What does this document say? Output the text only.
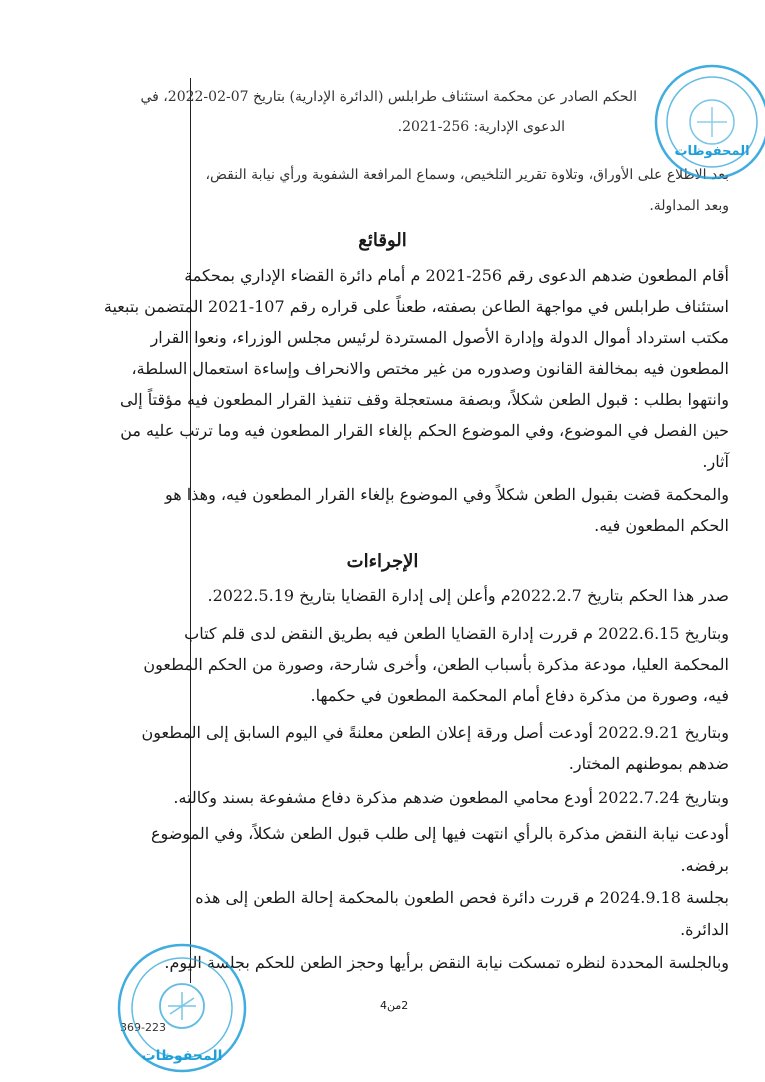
الحكم الصادر عن محكمة استئناف طرابلس (الدائرة الإدارية) بتاريخ 07-02-2022، في

الدعوى الإدارية: 256-2021.

بعد الاطلاع على الأوراق، وتلاوة تقرير التلخيص، وسماع المرافعة الشفوية ورأي نيابة النقض،

وبعد المداولة.

الوقائع

أقام المطعون ضدهم الدعوى رقم 256-2021 م أمام دائرة القضاء الإداري بمحكمة

استئناف طرابلس في مواجهة الطاعن بصفته، طعناً على قراره رقم 107-2021 المتضمن بتبعية

مكتب استرداد أموال الدولة وإدارة الأصول المستردة لرئيس مجلس الوزراء، ونعوا القرار

المطعون فيه بمخالفة القانون وصدوره من غير مختص والانحراف وإساءة استعمال السلطة،

وانتهوا بطلب : قبول الطعن شكلاً، وبصفة مستعجلة وقف تنفيذ القرار المطعون فيه مؤقتاً إلى

حين الفصل في الموضوع، وفي الموضوع الحكم بإلغاء القرار المطعون فيه وما ترتب عليه من

آثار.

والمحكمة قضت بقبول الطعن شكلاً وفي الموضوع بإلغاء القرار المطعون فيه، وهذا هو

الحكم المطعون فيه.

الإجراءات

صدر هذا الحكم بتاريخ 2022.2.7م وأعلن إلى إدارة القضايا بتاريخ 2022.5.19.

وبتاريخ 2022.6.15 م قررت إدارة القضايا الطعن فيه بطريق النقض لدى قلم كتاب

المحكمة العليا، مودعة مذكرة بأسباب الطعن، وأخرى شارحة، وصورة من الحكم المطعون

فيه، وصورة من مذكرة دفاع أمام المحكمة المطعون في حكمها.

وبتاريخ 2022.9.21 أودعت أصل ورقة إعلان الطعن معلنةً في اليوم السابق إلى المطعون

ضدهم بموطنهم المختار.

وبتاريخ 2022.7.24 أودع محامي المطعون ضدهم مذكرة دفاع مشفوعة بسند وكالته.

أودعت نيابة النقض مذكرة بالرأي انتهت فيها إلى طلب قبول الطعن شكلاً، وفي الموضوع

برفضه.

بجلسة 2024.9.18 م قررت دائرة فحص الطعون بالمحكمة إحالة الطعن إلى هذه

الدائرة.

وبالجلسة المحددة لنظره تمسكت نيابة النقض برأيها وحجز الطعن للحكم بجلسة اليوم.

2من4
369-223
المحفوظات
المحفوظات
